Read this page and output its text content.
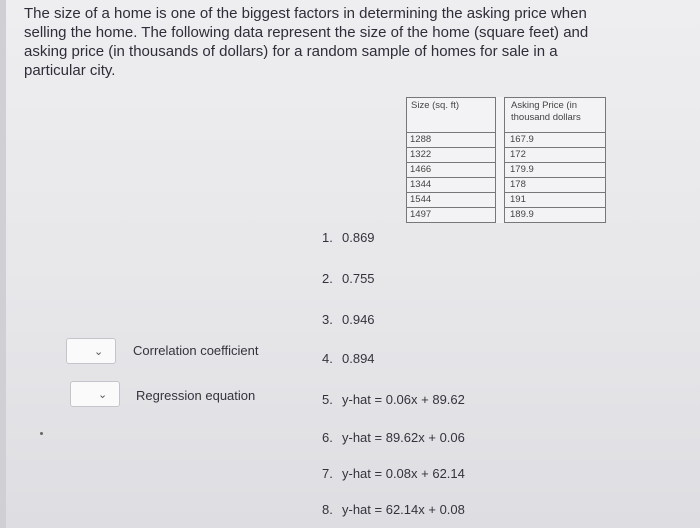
The size of a home is one of the biggest factors in determining the asking price when
selling the home. The following data represent the size of the home (square feet) and
asking price (in thousands of dollars) for a random sample of homes for sale in a
particular city.
Size (sq. ft)		Asking Price (in thousand dollars
1288		167.9
1322		172
1466		179.9
1344		178
1544		191
1497		189.9
1. 0.869
2. 0.755
3. 0.946
4. 0.894
5. y-hat = 0.06x + 89.62
6. y-hat = 89.62x + 0.06
7. y-hat = 0.08x + 62.14
8. y-hat = 62.14x + 0.08
⌄ Correlation coefficient
⌄ Regression equation
